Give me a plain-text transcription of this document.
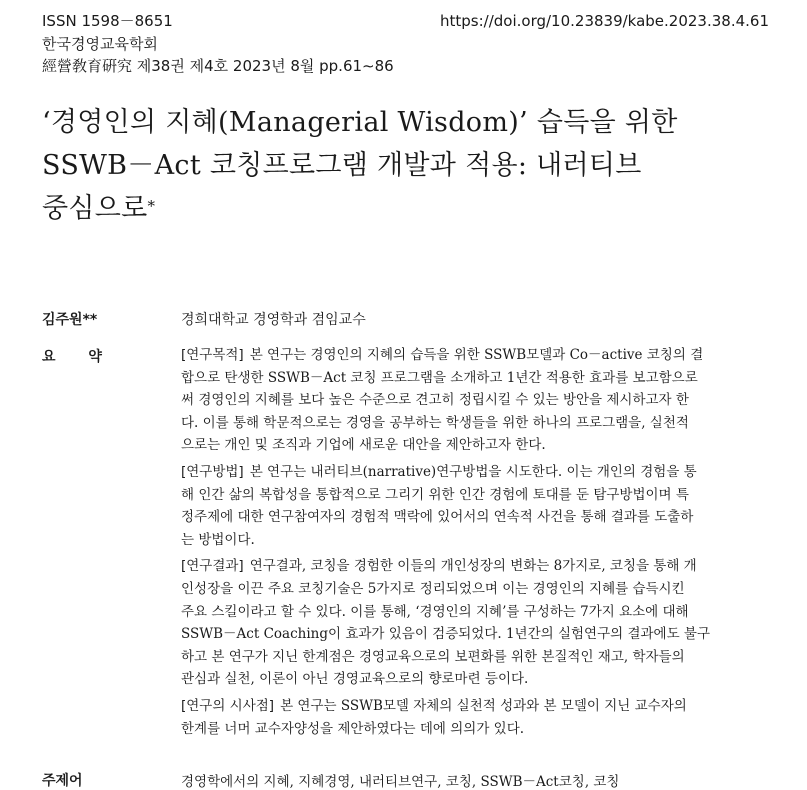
ISSN 1598－8651	https://doi.org/10.23839/kabe.2023.38.4.61
한국경영교육학회
經營敎育硏究 제38권 제4호 2023년 8월 pp.61∼86
‘경영인의 지혜(Managerial Wisdom)’ 습득을 위한
SSWB－Act 코칭프로그램 개발과 적용: 내러티브
중심으로*
김주원**	경희대학교 경영학과 겸임교수
요 약	[연구목적] 본 연구는 경영인의 지혜의 습득을 위한 SSWB모델과 Co－active 코칭의 결
합으로 탄생한 SSWB－Act 코칭 프로그램을 소개하고 1년간 적용한 효과를 보고함으로
써 경영인의 지혜를 보다 높은 수준으로 견고히 정립시킬 수 있는 방안을 제시하고자 한
다. 이를 통해 학문적으로는 경영을 공부하는 학생들을 위한 하나의 프로그램을, 실천적
으로는 개인 및 조직과 기업에 새로운 대안을 제안하고자 한다.
[연구방법] 본 연구는 내러티브(narrative)연구방법을 시도한다. 이는 개인의 경험을 통
해 인간 삶의 복합성을 통합적으로 그리기 위한 인간 경험에 토대를 둔 탐구방법이며 특
정주제에 대한 연구참여자의 경험적 맥락에 있어서의 연속적 사건을 통해 결과를 도출하
는 방법이다.
[연구결과] 연구결과, 코칭을 경험한 이들의 개인성장의 변화는 8가지로, 코칭을 통해 개
인성장을 이끈 주요 코칭기술은 5가지로 정리되었으며 이는 경영인의 지혜를 습득시킨
주요 스킬이라고 할 수 있다. 이를 통해, ‘경영인의 지혜’를 구성하는 7가지 요소에 대해
SSWB－Act Coaching이 효과가 있음이 검증되었다. 1년간의 실험연구의 결과에도 불구
하고 본 연구가 지닌 한계점은 경영교육으로의 보편화를 위한 본질적인 재고, 학자들의
관심과 실천, 이론이 아닌 경영교육으로의 향로마련 등이다.
[연구의 시사점] 본 연구는 SSWB모델 자체의 실천적 성과와 본 모델이 지닌 교수자의
한계를 너머 교수자양성을 제안하였다는 데에 의의가 있다.
주제어	경영학에서의 지혜, 지혜경영, 내러티브연구, 코칭, SSWB－Act코칭, 코칭
